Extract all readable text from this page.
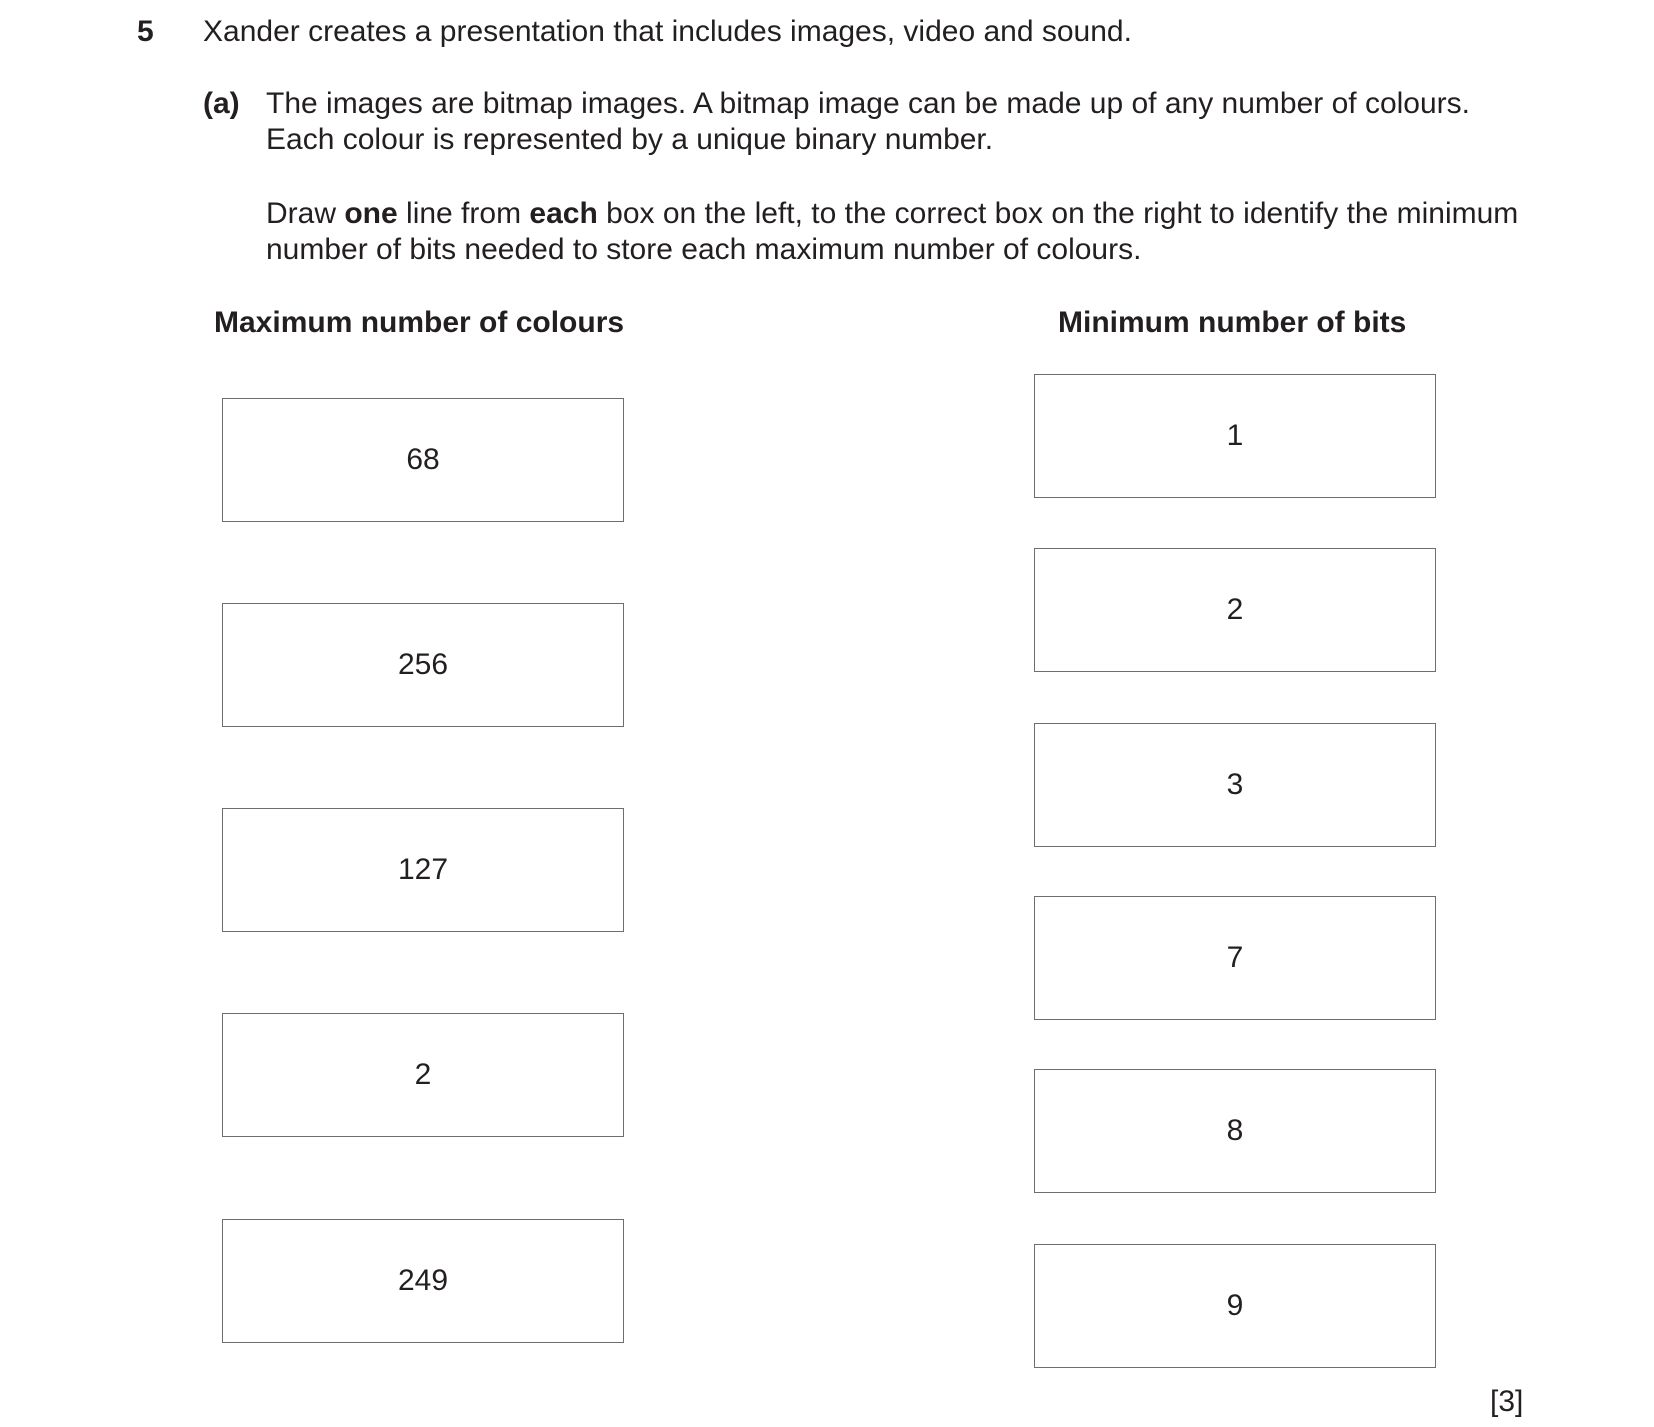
5 Xander creates a presentation that includes images, video and sound.
(a) The images are bitmap images. A bitmap image can be made up of any number of colours.
Each colour is represented by a unique binary number.

Draw one line from each box on the left, to the correct box on the right to identify the minimum
number of bits needed to store each maximum number of colours.

Maximum number of colours	Minimum number of bits
68
256
127
2
249
1
2
3
7
8
9
[3]
